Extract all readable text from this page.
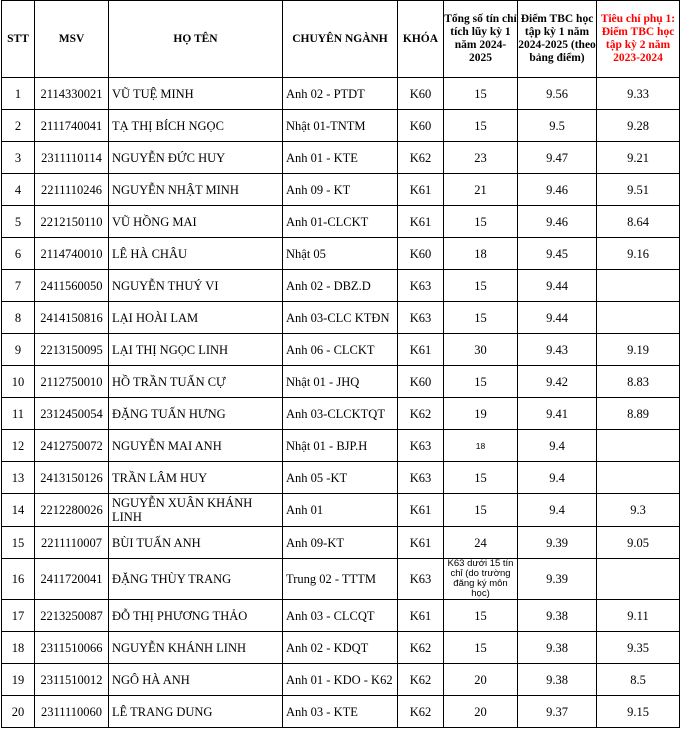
STT	MSV	HỌ TÊN	CHUYÊN NGÀNH	KHÓA	Tổng số tín chỉ tích lũy kỳ 1 năm 2024-2025	Điểm TBC học tập kỳ 1 năm 2024-2025 (theo bảng điểm)	Tiêu chí phụ 1: Điểm TBC học tập kỳ 2 năm 2023-2024
1	2114330021	VŨ TUỆ MINH	Anh 02 - PTDT	K60	15	9.56	9.33
2	2111740041	TẠ THỊ BÍCH NGỌC	Nhật 01-TNTM	K60	15	9.5	9.28
3	2311110114	NGUYỄN ĐỨC HUY	Anh 01 - KTE	K62	23	9.47	9.21
4	2211110246	NGUYỄN NHẬT MINH	Anh 09 - KT	K61	21	9.46	9.51
5	2212150110	VŨ HỒNG MAI	Anh 01-CLCKT	K61	15	9.46	8.64
6	2114740010	LÊ HÀ CHÂU	Nhật 05	K60	18	9.45	9.16
7	2411560050	NGUYỄN THUÝ VI	Anh 02 - DBZ.D	K63	15	9.44	
8	2414150816	LẠI HOÀI LAM	Anh 03-CLC KTĐN	K63	15	9.44	
9	2213150095	LẠI THỊ NGỌC LINH	Anh 06 - CLCKT	K61	30	9.43	9.19
10	2112750010	HỒ TRẦN TUẤN CỰ	Nhật 01 - JHQ	K60	15	9.42	8.83
11	2312450054	ĐẶNG TUẤN HƯNG	Anh 03-CLCKTQT	K62	19	9.41	8.89
12	2412750072	NGUYỄN MAI ANH	Nhật 01 - BJP.H	K63	18	9.4	
13	2413150126	TRẦN LÂM HUY	Anh 05 -KT	K63	15	9.4	
14	2212280026	NGUYỄN XUÂN KHÁNH LINH	Anh 01	K61	15	9.4	9.3
15	2211110007	BÙI TUẤN ANH	Anh 09-KT	K61	24	9.39	9.05
16	2411720041	ĐẶNG THÙY TRANG	Trung 02 - TTTM	K63	K63 dưới 15 tín chỉ (do trường đăng ký môn học)	9.39	
17	2213250087	ĐỖ THỊ PHƯƠNG THẢO	Anh 03 - CLCQT	K61	15	9.38	9.11
18	2311510066	NGUYỄN KHÁNH LINH	Anh 02 - KDQT	K62	15	9.38	9.35
19	2311510012	NGÔ HÀ ANH	Anh 01 - KDO - K62	K62	20	9.38	8.5
20	2311110060	LÊ TRANG DUNG	Anh 03 - KTE	K62	20	9.37	9.15
